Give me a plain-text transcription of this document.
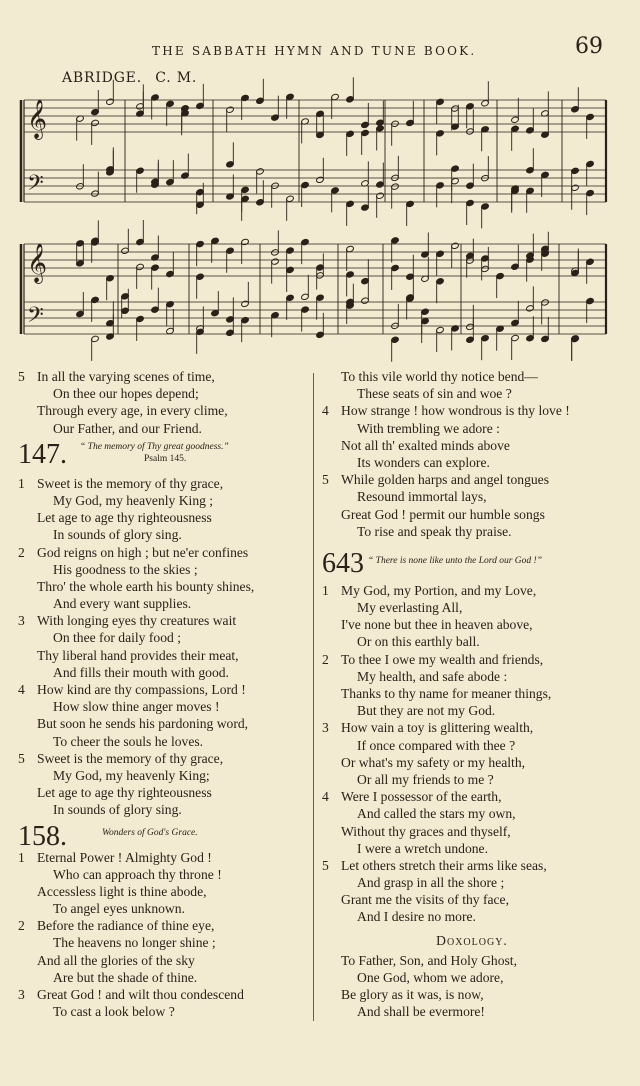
THE SABBATH HYMN AND TUNE BOOK.	69
ABRIDGE. C. M.
𝄞
𝄢
𝄞
𝄢
5 In all the varying scenes of time,
On thee our hopes depend;
Through every age, in every clime,
Our Father, and our Friend.
147. “ The memory of Thy great goodness.”
Psalm 145.
1 Sweet is the memory of thy grace,
My God, my heavenly King ;
Let age to age thy righteousness
In sounds of glory sing.
2 God reigns on high ; but ne'er confines
His goodness to the skies ;
Thro' the whole earth his bounty shines,
And every want supplies.
3 With longing eyes thy creatures wait
On thee for daily food ;
Thy liberal hand provides their meat,
And fills their mouth with good.
4 How kind are thy compassions, Lord !
How slow thine anger moves !
But soon he sends his pardoning word,
To cheer the souls he loves.
5 Sweet is the memory of thy grace,
My God, my heavenly King;
Let age to age thy righteousness
In sounds of glory sing.
158.	Wonders of God's Grace.
1 Eternal Power ! Almighty God !
Who can approach thy throne !
Accessless light is thine abode,
To angel eyes unknown.
2 Before the radiance of thine eye,
The heavens no longer shine ;
And all the glories of the sky
Are but the shade of thine.
3 Great God ! and wilt thou condescend
To cast a look below ?
To this vile world thy notice bend—
These seats of sin and woe ?
4 How strange ! how wondrous is thy love !
With trembling we adore :
Not all th' exalted minds above
Its wonders can explore.
5 While golden harps and angel tongues
Resound immortal lays,
Great God ! permit our humble songs
To rise and speak thy praise.
643 “ There is none like unto the Lord our God !”
1 My God, my Portion, and my Love,
My everlasting All,
I've none but thee in heaven above,
Or on this earthly ball.
2 To thee I owe my wealth and friends,
My health, and safe abode :
Thanks to thy name for meaner things,
But they are not my God.
3 How vain a toy is glittering wealth,
If once compared with thee ?
Or what's my safety or my health,
Or all my friends to me ?
4 Were I possessor of the earth,
And called the stars my own,
Without thy graces and thyself,
I were a wretch undone.
5 Let others stretch their arms like seas,
And grasp in all the shore ;
Grant me the visits of thy face,
And I desire no more.
Doxology.
To Father, Son, and Holy Ghost,
One God, whom we adore,
Be glory as it was, is now,
And shall be evermore!
